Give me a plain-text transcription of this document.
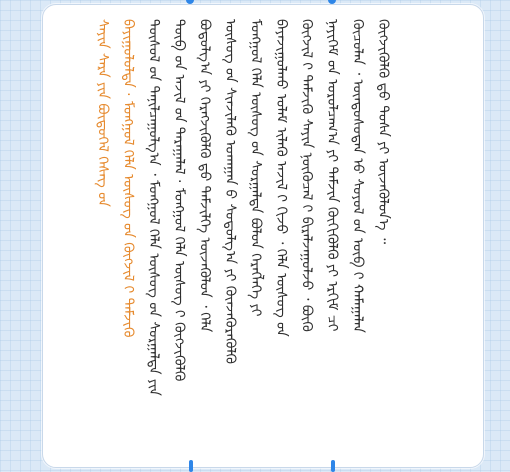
ᠰᠠᠶᠢᠨ ᠰᠠᠷᠠ ᠶᠢᠨ ᠪᠦᠲᠦᠭᠡᠯ ᠬᠡᠰᠡᠭ ᠤ᠋ᠨ ᠪᠠᠶᠢᠭᠤᠯᠤᠯᠲᠠ · ᠮᠣᠩᠭᠣᠯ ᠬᠡᠯᠡ ᠦᠰᠦᠭ ᠦ᠋ᠨ ᠬᠥᠭᠵᠢᠯ ᠢ᠋ ᠳᠡᠮᠵᠢᠬᠦ ᠲᠥᠰᠦᠯ ᠦ᠋ᠨ ᠲᠠᠨᠢᠯᠴᠠᠭᠤᠯᠭ᠎ᠠ ᠂ ᠮᠣᠩᠭᠣᠯ ᠬᠡᠯᠡ ᠦᠰᠦᠭ ᠦ᠋ᠨ ᠰᠤᠷᠭᠠᠯᠲᠠ ᠶᠢᠨ ᠲᠥᠪ ᠦ᠋ᠨ ᠠᠵᠢᠯ ᠤ᠋ᠨ ᠳᠠᠷᠠᠭᠠᠯᠠᠯ · ᠮᠣᠩᠭᠣᠯ ᠬᠡᠯᠡ ᠦᠰᠦᠭ ᠢ᠋ ᠬᠥᠭᠵᠢᠭᠦᠯᠬᠦ ᠪᠣᠳᠣᠯᠭ᠎ᠠ ᠶᠢ ᠬᠡᠷᠡᠭᠵᠢᠭᠦᠯᠬᠦ ᠳ᠋ᠤ ᠳᠡᠮᠵᠢᠯᠭᠡ ᠦᠵᠡᠭᠦᠯᠦᠨ ᠂ ᠬᠡᠯᠡ ᠦᠰᠦᠭ ᠦ᠋ᠨ ᠰᠢᠨᠵᠢᠯᠡᠬᠦ ᠤᠬᠠᠭᠠᠨ ᠤ᠋ ᠰᠤᠳᠤᠯᠭ᠎ᠠ ᠶᠢ ᠭᠦᠨᠵᠡᠭᠦᠷᠡᠭᠦᠯᠬᠦ ᠮᠣᠩᠭᠣᠯ ᠬᠡᠯᠡ ᠦᠰᠦᠭ ᠦ᠋ᠨ ᠰᠤᠷᠭᠠᠯᠲᠠ ᠪᠣᠯᠣᠨ ᠬᠡᠷᠡᠭᠯᠡᠭᠡ ᠶᠢ ᠪᠠᠶᠠᠵᠢᠭᠤᠯᠬᠤ ᠤᠯᠠᠮ ᠢᠯᠡᠬᠦ ᠠᠵᠢᠯ ᠢ᠋ ᠬᠢᠵᠦ ᠂ ᠬᠡᠯᠡ ᠦᠰᠦᠭ ᠦ᠋ᠨ ᠬᠥᠭᠵᠢᠯ ᠢ᠋ ᠳᠡᠮᠵᠢᠬᠦ ᠰᠠᠶᠢᠨ ᠨᠥᠬᠦᠴᠡᠯ ᠢ᠋ ᠪᠢᠷᠠᠯᠵᠠᠭᠤᠯᠵᠤ ᠂ ᠪᠦᠬᠦ ᠨᠡᠶᠢᠭᠡᠮ ᠦ᠋ᠨ ᠣᠷᠣᠯᠴᠠᠭ᠎ᠠ ᠶᠢ ᠳᠡᠮᠵᠢᠨ ᠬᠥᠬᠢᠭᠦᠯᠬᠦ ᠶᠢ ᠡᠷᠬᠢᠮ ᠴᠢ ᠬᠦᠴᠦᠯᠡᠨ ᠂ ᠦᠨᠳᠦᠰᠦᠲᠡᠨ ᠦ᠋ ᠰᠣᠶᠣᠯ ᠤ᠋ᠨ ᠥᠪ ᠢ᠋ ᠬᠠᠮᠠᠭᠠᠯᠠᠨ ᠬᠥᠭᠵᠢᠭᠦᠯᠬᠦ ᠳ᠋ᠤ ᠲᠤᠰᠠ ᠶᠢ ᠦᠵᠡᠭᠦᠯᠦᠨ᠎ᠡ ᠃
